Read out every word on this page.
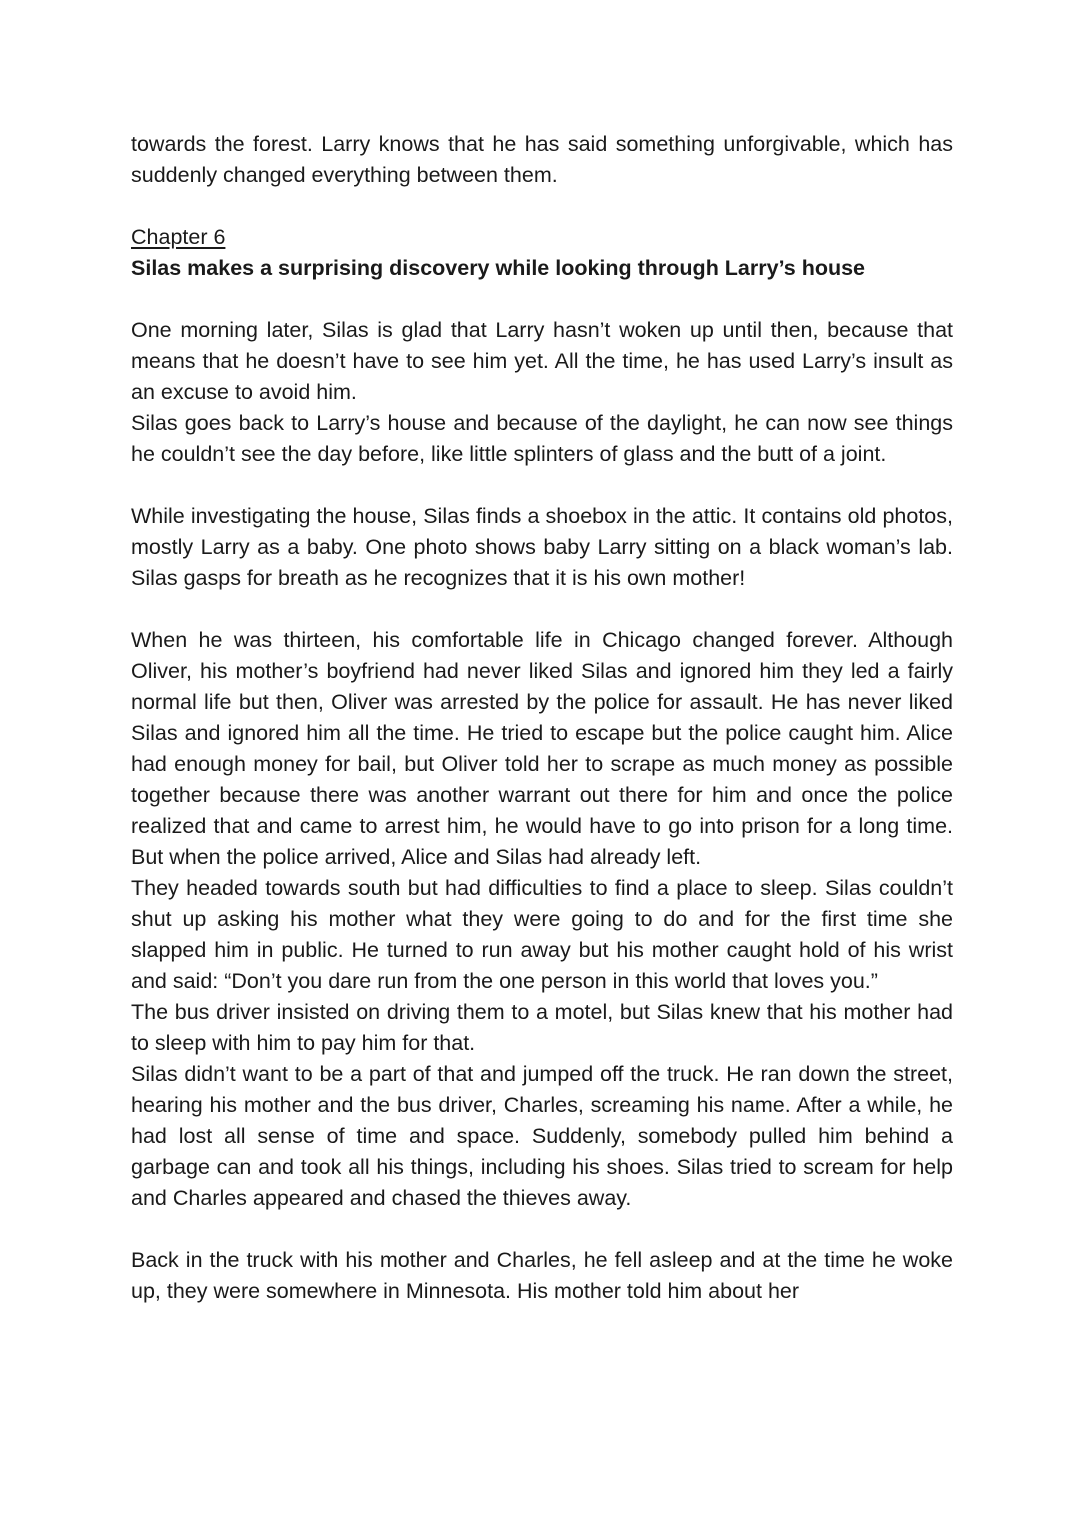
towards the forest. Larry knows that he has said something unforgivable, which has suddenly changed everything between them.

Chapter 6

Silas makes a surprising discovery while looking through Larry’s house

One morning later, Silas is glad that Larry hasn’t woken up until then, because that means that he doesn’t have to see him yet. All the time, he has used Larry’s insult as an excuse to avoid him.

Silas goes back to Larry’s house and because of the daylight, he can now see things he couldn’t see the day before, like little splinters of glass and the butt of a joint.

While investigating the house, Silas finds a shoebox in the attic. It contains old photos, mostly Larry as a baby. One photo shows baby Larry sitting on a black woman’s lab. Silas gasps for breath as he recognizes that it is his own mother!

When he was thirteen, his comfortable life in Chicago changed forever. Although Oliver, his mother’s boyfriend had never liked Silas and ignored him they led a fairly normal life but then, Oliver was arrested by the police for assault. He has never liked Silas and ignored him all the time. He tried to escape but the police caught him. Alice had enough money for bail, but Oliver told her to scrape as much money as possible together because there was another warrant out there for him and once the police realized that and came to arrest him, he would have to go into prison for a long time. But when the police arrived, Alice and Silas had already left.

They headed towards south but had difficulties to find a place to sleep. Silas couldn’t shut up asking his mother what they were going to do and for the first time she slapped him in public. He turned to run away but his mother caught hold of his wrist and said: “Don’t you dare run from the one person in this world that loves you.”

The bus driver insisted on driving them to a motel, but Silas knew that his mother had to sleep with him to pay him for that.

Silas didn’t want to be a part of that and jumped off the truck. He ran down the street, hearing his mother and the bus driver, Charles, screaming his name. After a while, he had lost all sense of time and space. Suddenly, somebody pulled him behind a garbage can and took all his things, including his shoes. Silas tried to scream for help and Charles appeared and chased the thieves away.

Back in the truck with his mother and Charles, he fell asleep and at the time he woke up, they were somewhere in Minnesota. His mother told him about her
